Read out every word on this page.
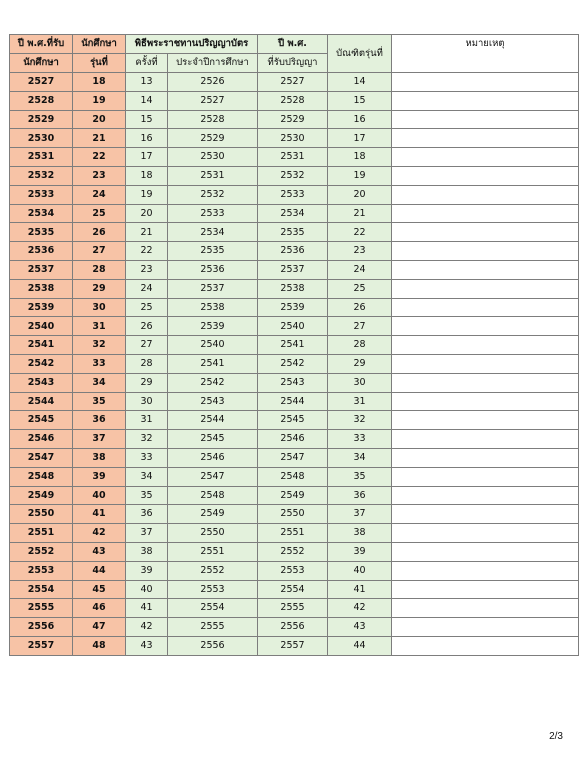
ปี พ.ศ.ที่รับ	นักศึกษา	พิธีพระราชทานปริญญาบัตร		ปี พ.ศ.	บัณฑิตรุ่นที่	หมายเหตุ
นักศึกษา	รุ่นที่	ครั้งที่	ประจำปีการศึกษา	ที่รับปริญญา		
2527	18	13	2526	2527	14	
2528	19	14	2527	2528	15	
2529	20	15	2528	2529	16	
2530	21	16	2529	2530	17	
2531	22	17	2530	2531	18	
2532	23	18	2531	2532	19	
2533	24	19	2532	2533	20	
2534	25	20	2533	2534	21	
2535	26	21	2534	2535	22	
2536	27	22	2535	2536	23	
2537	28	23	2536	2537	24	
2538	29	24	2537	2538	25	
2539	30	25	2538	2539	26	
2540	31	26	2539	2540	27	
2541	32	27	2540	2541	28	
2542	33	28	2541	2542	29	
2543	34	29	2542	2543	30	
2544	35	30	2543	2544	31	
2545	36	31	2544	2545	32	
2546	37	32	2545	2546	33	
2547	38	33	2546	2547	34	
2548	39	34	2547	2548	35	
2549	40	35	2548	2549	36	
2550	41	36	2549	2550	37	
2551	42	37	2550	2551	38	
2552	43	38	2551	2552	39	
2553	44	39	2552	2553	40	
2554	45	40	2553	2554	41	
2555	46	41	2554	2555	42	
2556	47	42	2555	2556	43	
2557	48	43	2556	2557	44	
2/3
